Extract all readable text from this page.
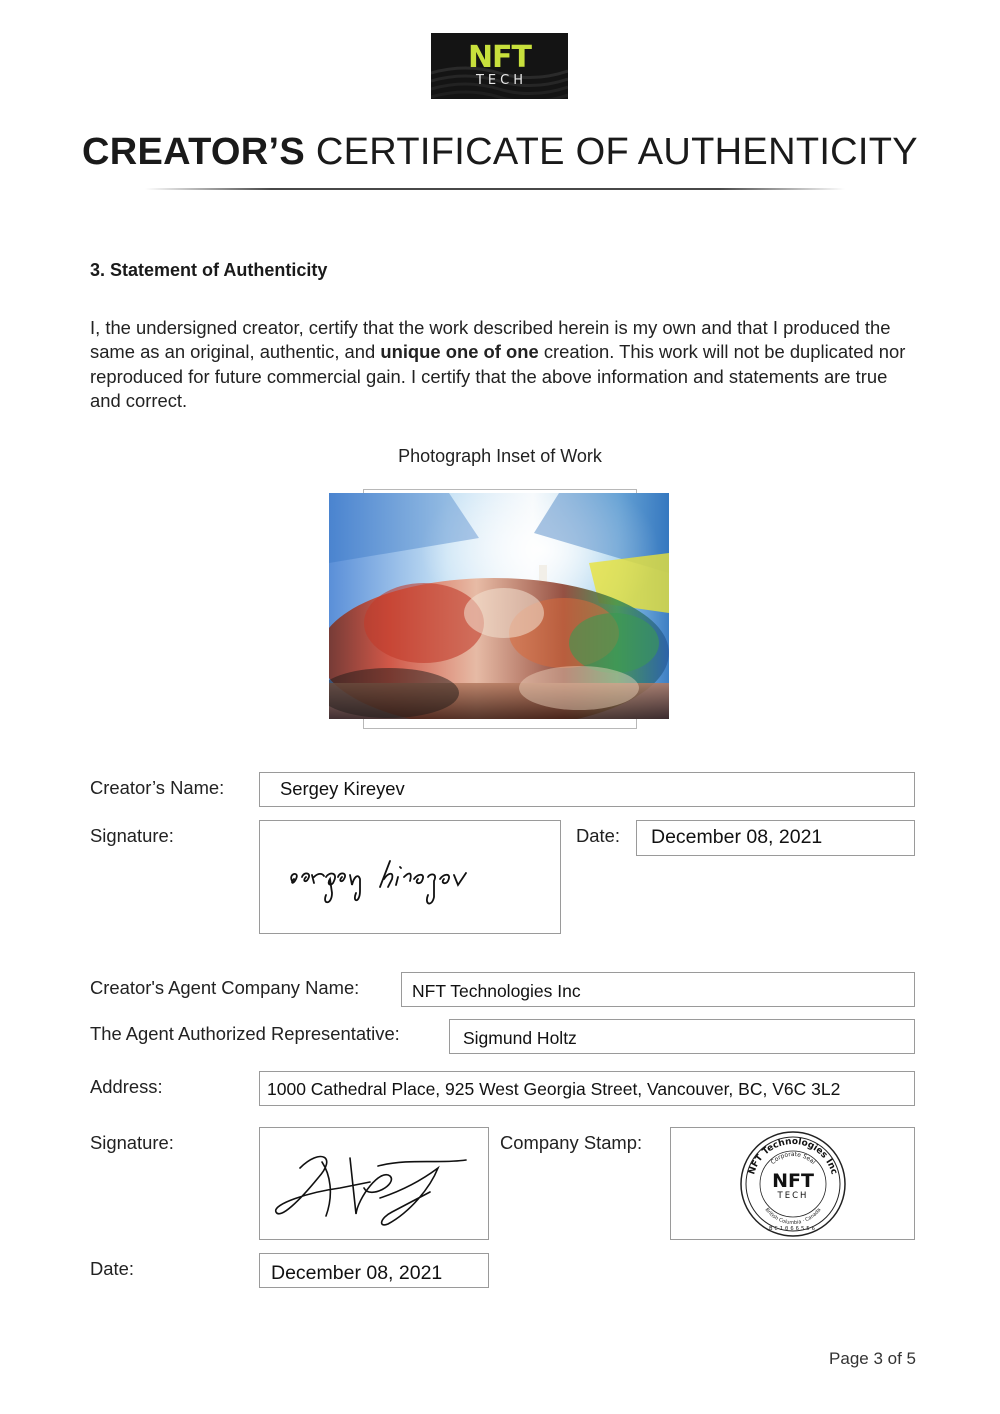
NFT
TECH
CREATOR’S CERTIFICATE OF AUTHENTICITY
3. Statement of Authenticity
I, the undersigned creator, certify that the work described herein is my own and that I produced the same as an original, authentic, and unique one of one creation. This work will not be duplicated nor reproduced for future commercial gain. I certify that the above information and statements are true and correct.
Photograph Inset of Work
Creator’s Name:	Sergey Kireyev
Signature:	Date:	December 08, 2021
Creator's Agent Company Name:	NFT Technologies Inc
The Agent Authorized Representative:	Sigmund Holtz
Address:	1000 Cathedral Place, 925 West Georgia Street, Vancouver, BC, V6C 3L2
Signature:	Company Stamp:
NFT Technologies Inc
Corporate Seal
British Columbia · Canada
BC1066556
NFT
TECH
Date:	December 08, 2021
Page 3 of 5
